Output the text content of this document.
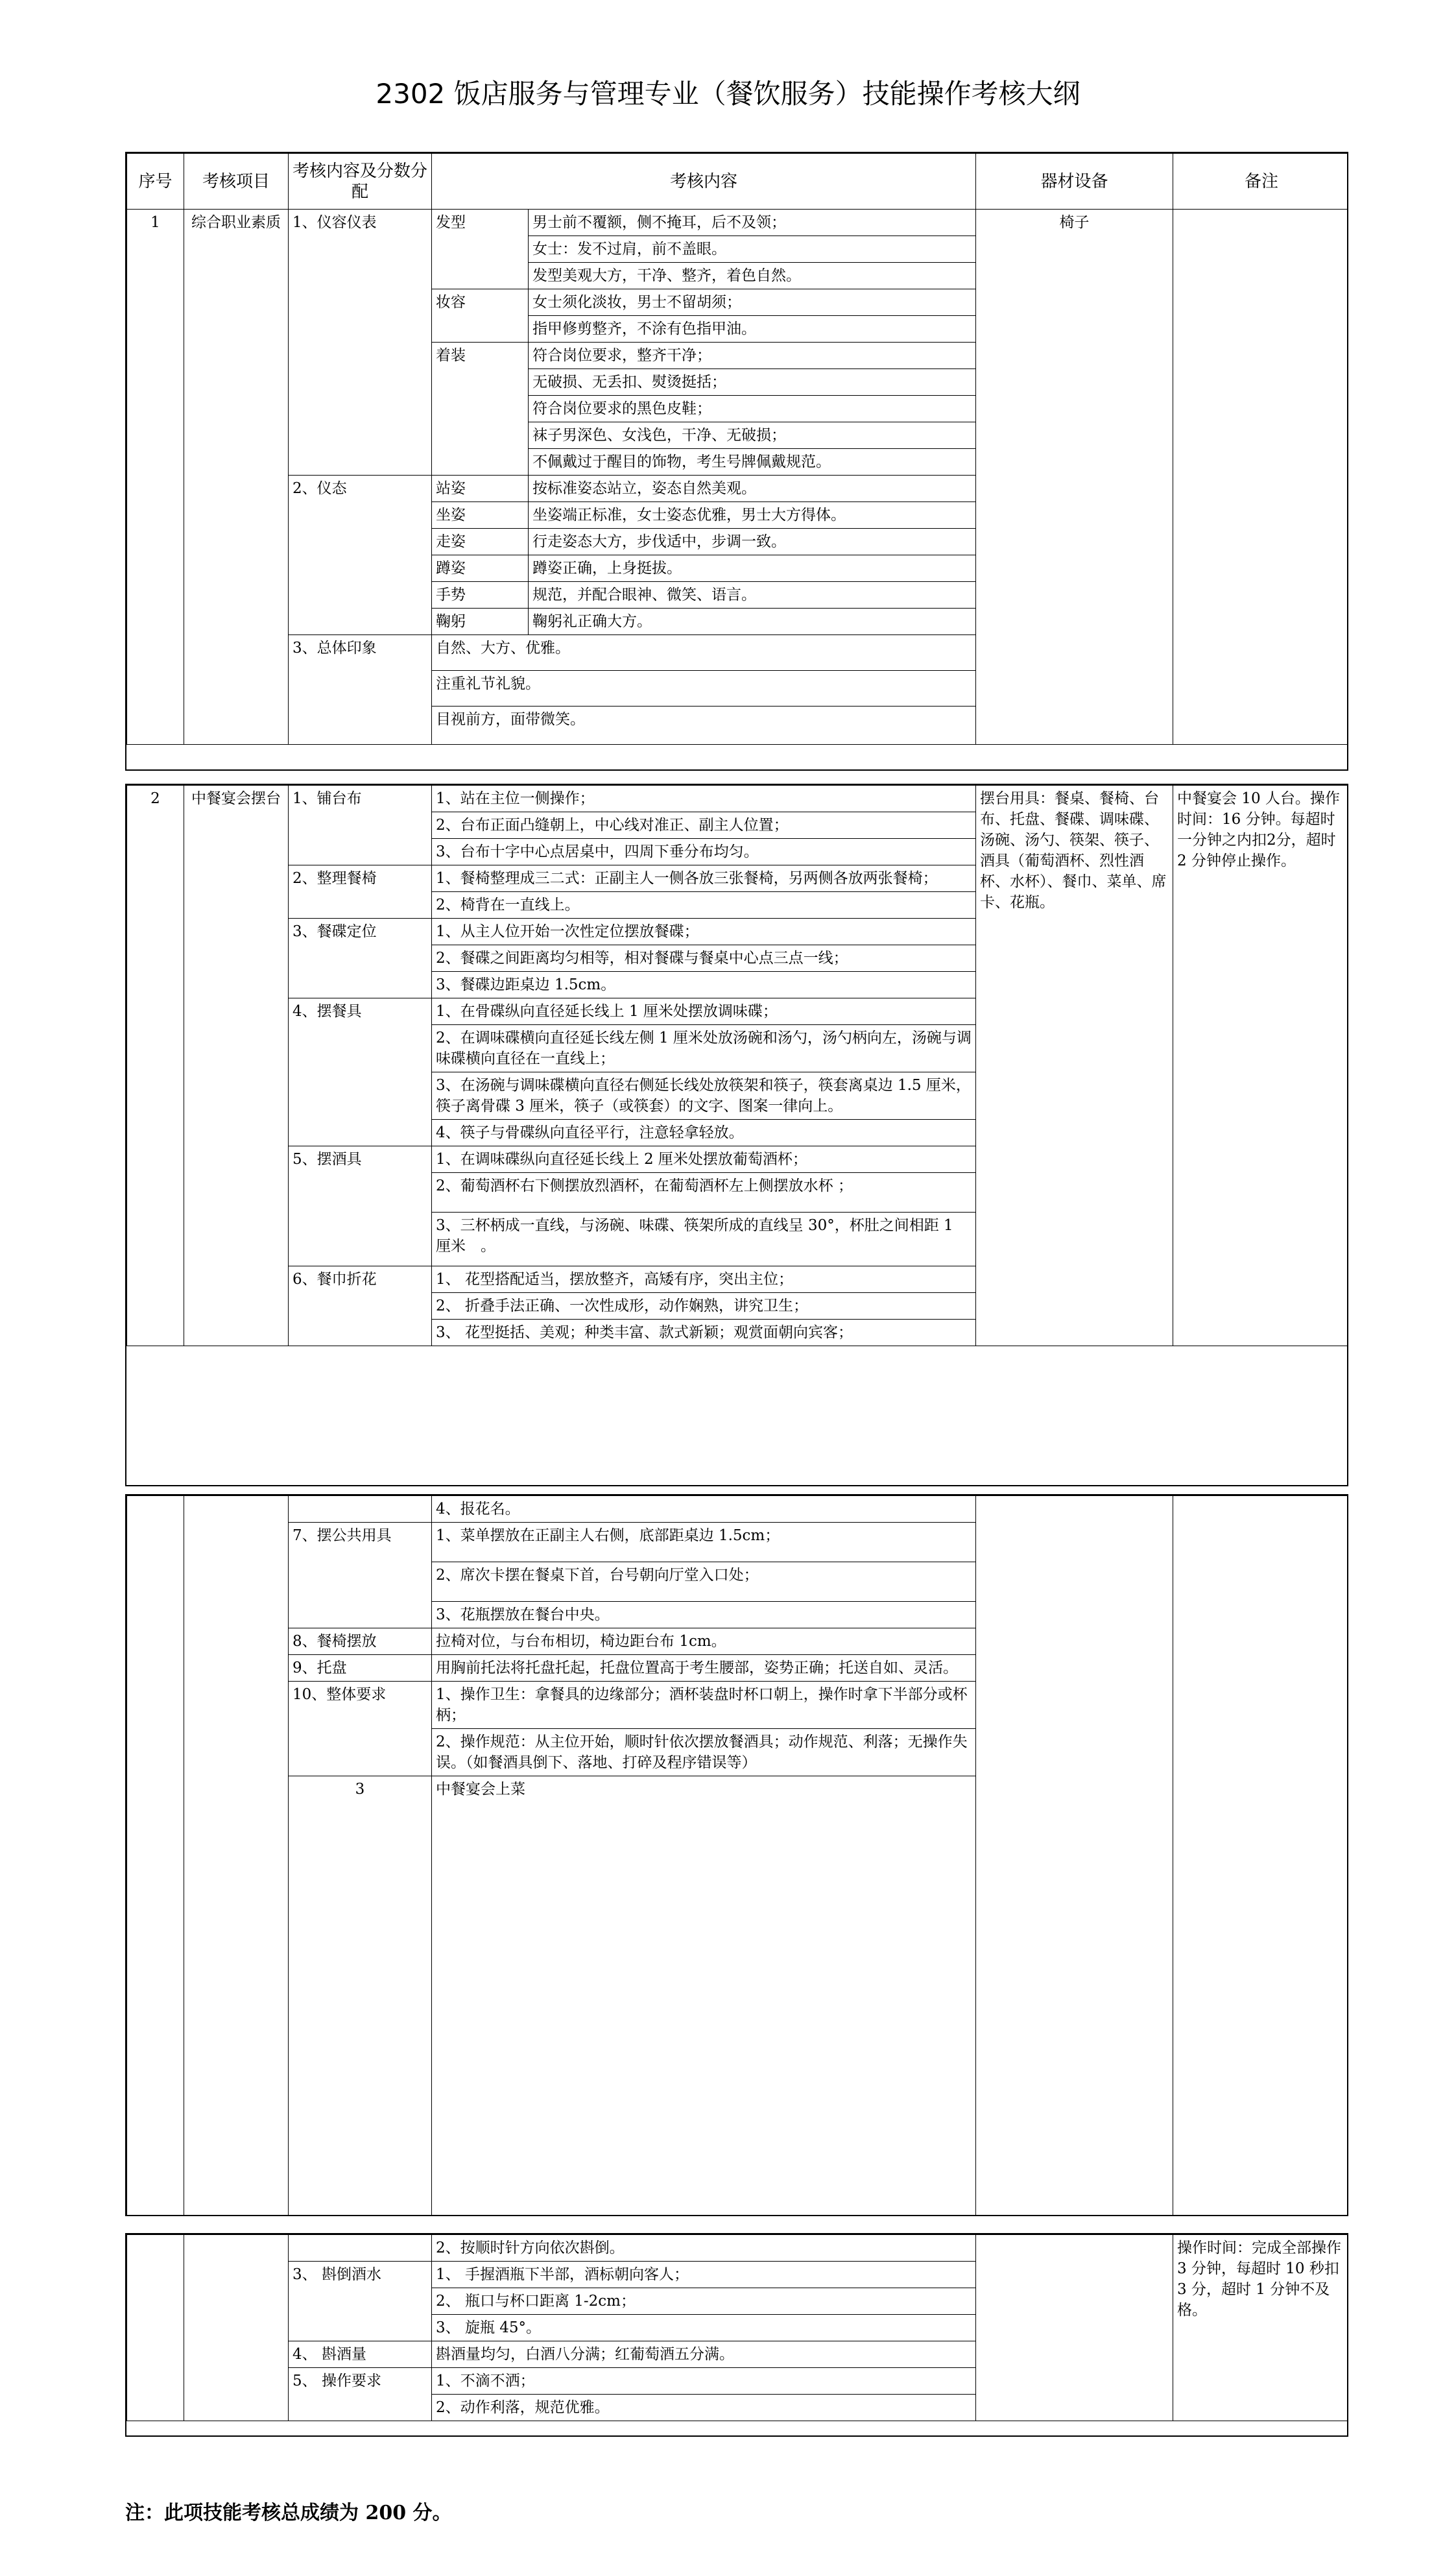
2302 饭店服务与管理专业（餐饮服务）技能操作考核大纲
序号	考核项目	考核内容及分数分配	考核内容		器材设备	备注
1	综合职业素质	1、仪容仪表	发型	男士前不覆额，侧不掩耳，后不及领；	椅子	
				女士：发不过肩，前不盖眼。		
				发型美观大方，干净、整齐，着色自然。		
			妆容	女士须化淡妆，男士不留胡须；		
				指甲修剪整齐，不涂有色指甲油。		
			着装	符合岗位要求，整齐干净；		
				无破损、无丢扣、熨烫挺括；		
				符合岗位要求的黑色皮鞋；		
				袜子男深色、女浅色，干净、无破损；		
				不佩戴过于醒目的饰物，考生号牌佩戴规范。		
		2、仪态	站姿	按标准姿态站立，姿态自然美观。		
			坐姿	坐姿端正标准，女士姿态优雅，男士大方得体。		
			走姿	行走姿态大方，步伐适中，步调一致。		
			蹲姿	蹲姿正确，上身挺拔。		
			手势	规范，并配合眼神、微笑、语言。		
			鞠躬	鞠躬礼正确大方。		
		3、总体印象	自然、大方、优雅。			
			注重礼节礼貌。			
			目视前方，面带微笑。			
2	中餐宴会摆台	1、铺台布	1、站在主位一侧操作；	摆台用具：餐桌、餐椅、台布、托盘、餐碟、调味碟、汤碗、汤勺、筷架、筷子、酒具（葡萄酒杯、烈性酒杯、水杯）、餐巾、菜单、席卡、花瓶。	中餐宴会 10 人台。操作时间：16 分钟。每超时一分钟之内扣2分，超时 2 分钟停止操作。
			2、台布正面凸缝朝上，中心线对准正、副主人位置；		
			3、台布十字中心点居桌中，四周下垂分布均匀。		
		2、整理餐椅	1、餐椅整理成三二式：正副主人一侧各放三张餐椅，另两侧各放两张餐椅；		
			2、椅背在一直线上。		
		3、餐碟定位	1、从主人位开始一次性定位摆放餐碟；		
			2、餐碟之间距离均匀相等，相对餐碟与餐桌中心点三点一线；		
			3、餐碟边距桌边 1.5cm。		
		4、摆餐具	1、在骨碟纵向直径延长线上 1 厘米处摆放调味碟；		
			2、在调味碟横向直径延长线左侧 1 厘米处放汤碗和汤勺，汤勺柄向左，汤碗与调味碟横向直径在一直线上；		
			3、在汤碗与调味碟横向直径右侧延长线处放筷架和筷子，筷套离桌边 1.5 厘米，筷子离骨碟 3 厘米，筷子（或筷套）的文字、图案一律向上。		
			4、筷子与骨碟纵向直径平行，注意轻拿轻放。		
		5、摆酒具	1、在调味碟纵向直径延长线上 2 厘米处摆放葡萄酒杯；		
			2、葡萄酒杯右下侧摆放烈酒杯，在葡萄酒杯左上侧摆放水杯 ；		
			3、三杯柄成一直线，与汤碗、味碟、筷架所成的直线呈 30°，杯肚之间相距 1 厘米　。		
		6、餐巾折花	1、 花型搭配适当，摆放整齐，高矮有序，突出主位；		
			2、 折叠手法正确、一次性成形，动作娴熟，讲究卫生；		
			3、 花型挺括、美观；种类丰富、款式新颖；观赏面朝向宾客；		
			4、报花名。			
		7、摆公共用具	1、菜单摆放在正副主人右侧，底部距桌边 1.5cm；			
			2、席次卡摆在餐桌下首，台号朝向厅堂入口处；			
			3、花瓶摆放在餐台中央。			
		8、餐椅摆放	拉椅对位，与台布相切，椅边距台布 1cm。			
		9、托盘	用胸前托法将托盘托起，托盘位置高于考生腰部，姿势正确；托送自如、灵活。			
		10、整体要求	1、操作卫生：拿餐具的边缘部分；酒杯装盘时杯口朝上，操作时拿下半部分或杯柄；			
			2、操作规范：从主位开始，顺时针依次摆放餐酒具；动作规范、利落；无操作失误。（如餐酒具倒下、落地、打碎及程序错误等）			
		3	中餐宴会上菜				

			2、按顺时针方向依次斟倒。		操作时间：完成全部操作 3 分钟，每超时 10 秒扣 3 分，超时 1 分钟不及格。
		3、 斟倒酒水	1、 手握酒瓶下半部，酒标朝向客人；		
			2、 瓶口与杯口距离 1-2cm；		
			3、 旋瓶 45°。		
		4、 斟酒量	斟酒量均匀，白酒八分满；红葡萄酒五分满。		
		5、 操作要求	1、不滴不洒；		
			2、动作利落，规范优雅。		
注：此项技能考核总成绩为 200 分。
